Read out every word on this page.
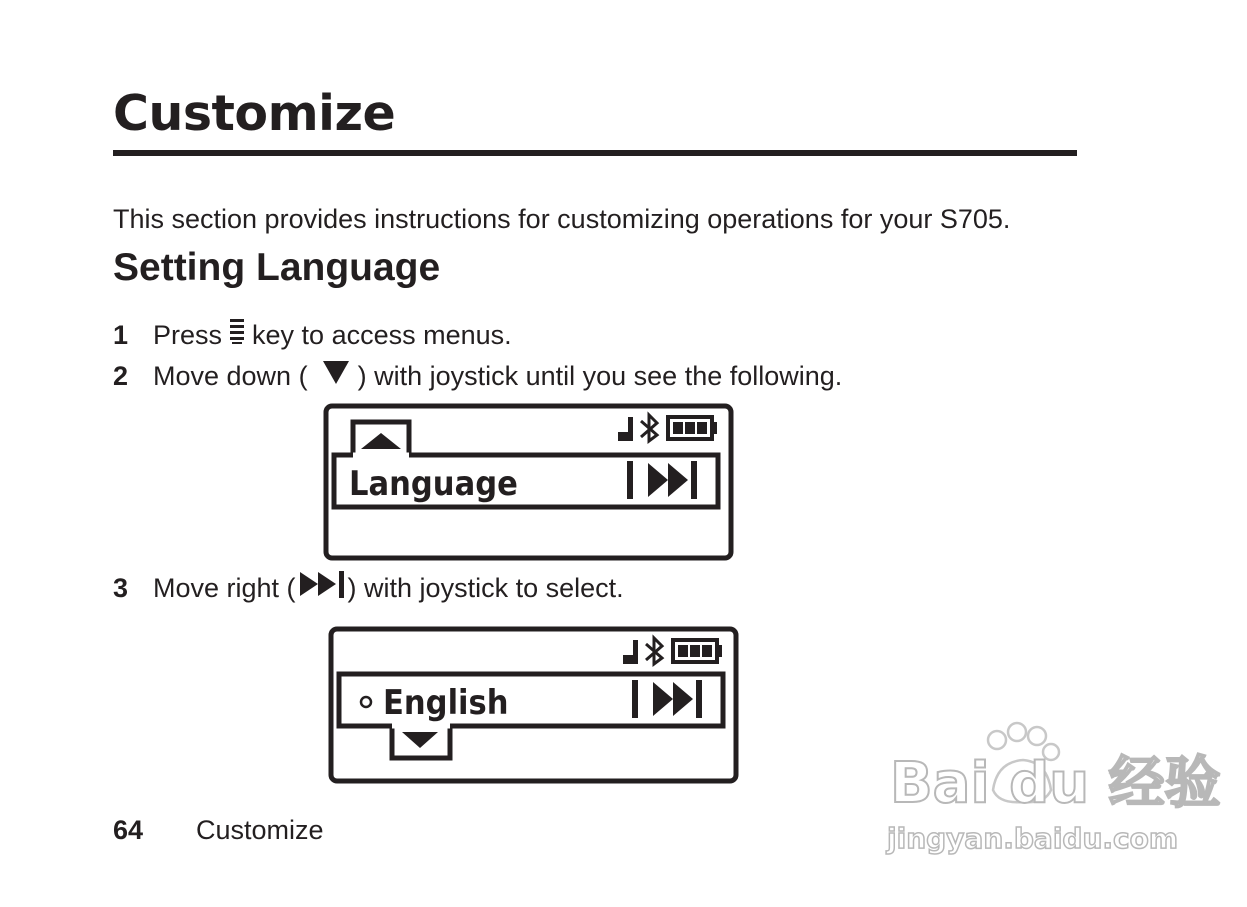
Customize

This section provides instructions for customizing operations for your S705.

Setting Language
1 Press key to access menus.
2 Move down ( ) with joystick until you see the following.
Language
3 Move right ( ) with joystick to select.
English
64	Customize
Bai du 经验
jingyan.baidu.com
